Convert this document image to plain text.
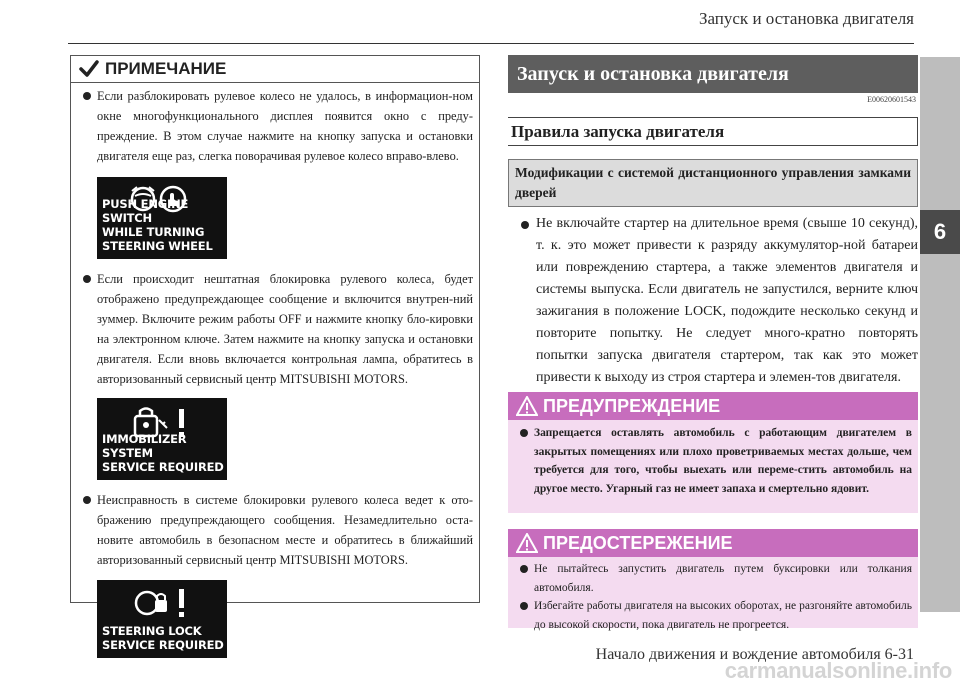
Запуск и остановка двигателя
6
ПРИМЕЧАНИЕ
Если разблокировать рулевое колесо не удалось, в информацион-ном окне многофункционального дисплея появится окно с преду-преждение. В этом случае нажмите на кнопку запуска и остановки двигателя еще раз, слегка поворачивая рулевое колесо вправо-влево.
PUSH ENGINE SWITCH
WHILE TURNING
STEERING WHEEL
Если происходит нештатная блокировка рулевого колеса, будет отображено предупреждающее сообщение и включится внутрен-ний зуммер. Включите режим работы OFF и нажмите кнопку бло-кировки на электронном ключе. Затем нажмите на кнопку запуска и остановки двигателя. Если вновь включается контрольная лампа, обратитесь в авторизованный сервисный центр MITSUBISHI MOTORS.
IMMOBILIZER SYSTEM
SERVICE REQUIRED
Неисправность в системе блокировки рулевого колеса ведет к ото-бражению предупреждающего сообщения. Незамедлительно оста-новите автомобиль в безопасном месте и обратитесь в ближайший авторизованный сервисный центр MITSUBISHI MOTORS.
STEERING LOCK
SERVICE REQUIRED
Запуск и остановка двигателя
E00620601543
Правила запуска двигателя
Модификации с системой дистанционного управления замками дверей
Не включайте стартер на длительное время (свыше 10 секунд), т. к. это может привести к разряду аккумулятор-ной батареи или повреждению стартера, а также элементов двигателя и системы выпуска. Если двигатель не запустился, верните ключ зажигания в положение LOCK, подождите несколько секунд и повторите попытку. Не следует много-кратно повторять попытки запуска двигателя стартером, так как это может привести к выходу из строя стартера и элемен-тов двигателя.
ПРЕДУПРЕЖДЕНИЕ
Запрещается оставлять автомобиль с работающим двигателем в закрытых помещениях или плохо проветриваемых местах дольше, чем требуется для того, чтобы выехать или переме-стить автомобиль на другое место. Угарный газ не имеет запаха и смертельно ядовит.
ПРЕДОСТЕРЕЖЕНИЕ
Не пытайтесь запустить двигатель путем буксировки или толкания автомобиля.
Избегайте работы двигателя на высоких оборотах, не разгоняйте автомобиль до высокой скорости, пока двигатель не прогреется.
Начало движения и вождение автомобиля 6-31
carmanualsonline.info
